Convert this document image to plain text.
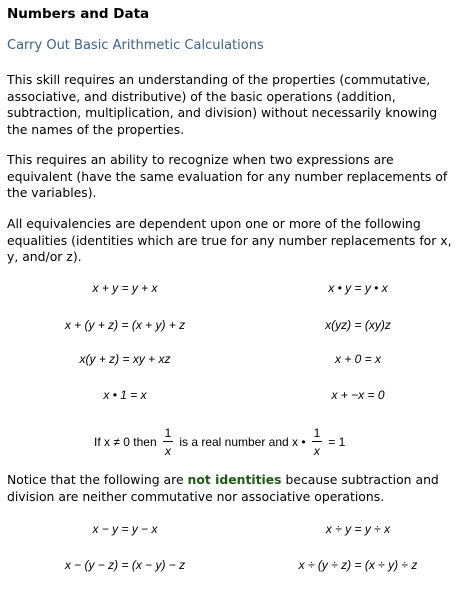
Numbers and Data
Carry Out Basic Arithmetic Calculations

This skill requires an understanding of the properties (commutative, associative, and distributive) of the basic operations (addition, subtraction, multiplication, and division) without necessarily knowing the names of the properties.

This requires an ability to recognize when two expressions are equivalent (have the same evaluation for any number replacements of the variables).

All equivalencies are dependent upon one or more of the following equalities (identities which are true for any number replacements for x, y, and/or z).

x + y = y + x	x • y = y • x
x + (y + z) = (x + y) + z	x(yz) = (xy)z
x(y + z) = xy + xz	x + 0 = x
x • 1 = x	x + −x = 0
If x ≠ 0 then $\frac{1}{x}$ is a real number and x • $\frac{1}{x} = 1$

Notice that the following are not identities because subtraction and division are neither commutative nor associative operations.

x − y = y − x	x ÷ y = y ÷ x
x − (y − z) = (x − y) − z	x ÷ (y ÷ z) = (x ÷ y) ÷ z
